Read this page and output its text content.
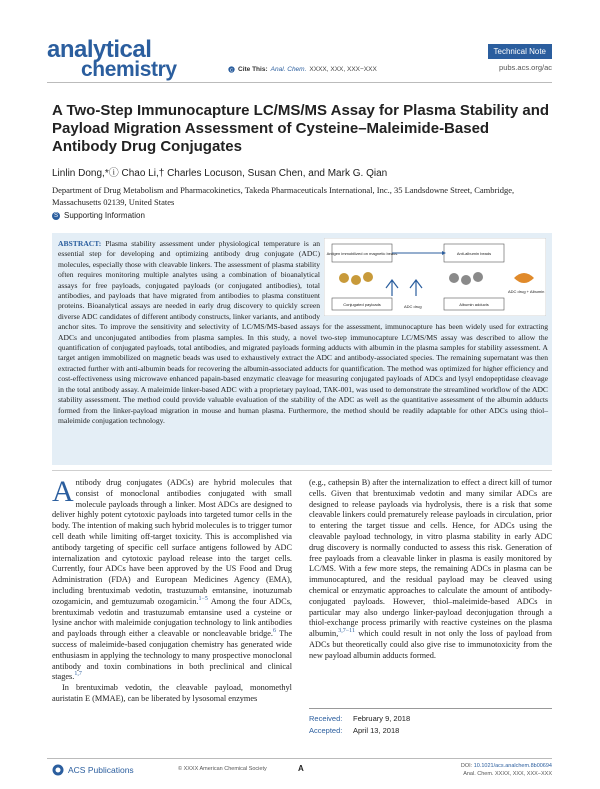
analytical
chemistry
Technical Note
pubs.acs.org/ac
C Cite This: Anal. Chem. XXXX, XXX, XXX−XXX
A Two-Step Immunocapture LC/MS/MS Assay for Plasma Stability and Payload Migration Assessment of Cysteine–Maleimide-Based Antibody Drug Conjugates
Linlin Dong,*ⓘ Chao Li,† Charles Locuson, Susan Chen, and Mark G. Qian
Department of Drug Metabolism and Pharmacokinetics, Takeda Pharmaceuticals International, Inc., 35 Landsdowne Street, Cambridge, Massachusetts 02139, United States
S Supporting Information
ABSTRACT: Plasma stability assessment under physiological temperature is an essential step for developing and optimizing antibody drug conjugate (ADC) molecules, especially those with cleavable linkers. The assessment of plasma stability often requires monitoring multiple analytes using a combination of bioanalytical assays for free payloads, conjugated payloads (or conjugated antibodies), total antibodies, and payloads that have migrated from antibodies to plasma constituent proteins. Bioanalytical assays are needed in early drug discovery to quickly screen diverse ADC candidates of different antibody constructs, linker variants, and antibody anchor sites. To improve the sensitivity and selectivity of LC/MS/MS-based assays for the assessment, immunocapture has been widely used for extracting ADCs and unconjugated antibodies from plasma samples. In this study, a novel two-step immunocapture LC/MS/MS assay was described to allow the quantification of conjugated payloads, total antibodies, and migrated payloads forming adducts with albumin in the plasma samples for stability assessment. A target antigen immobilized on magnetic beads was used to exhaustively extract the ADC and antibody-associated species. The remaining supernatant was then extracted further with anti-albumin beads for recovering the albumin-associated adducts for quantification. The method was optimized for higher efficiency and cost-effectiveness using microwave enhanced papain-based enzymatic cleavage for measuring conjugated payloads of ADCs and lysyl endopeptidase cleavage in the total antibody assay. A maleimide linker-based ADC with a proprietary payload, TAK-001, was used to demonstrate the streamlined workflow of the ADC stability assessment. The method could provide valuable evaluation of the stability of the ADC as well as the quantitative assessment of the albumin adducts formed from the linker-payload migration in mouse and human plasma. Furthermore, the method should be readily adaptable for other ADCs using thiol–maleimide conjugation technology.
Antigen immobilized on magnetic beads	Anti-albumin beads
Conjugated payloads	Albumin adducts
ADC drug
ADC drug + Albumin

Antibody drug conjugates (ADCs) are hybrid molecules that consist of monoclonal antibodies conjugated with small molecule payloads through a linker. Most ADCs are designed to deliver highly potent cytotoxic payloads into targeted tumor cells in the body. The intention of making such hybrid molecules is to trigger tumor cell death while limiting off-target toxicity. This is accomplished via antibody targeting of specific cell surface antigens followed by ADC internalization and cytotoxic payload release into the target cells. Currently, four ADCs have been approved by the US Food and Drug Administration (FDA) and European Medicines Agency (EMA), including brentuximab vedotin, trastuzumab emtansine, inotuzumab ozogamicin, and gemtuzumab ozogamicin.$^{1-5}$ Among the four ADCs, brentuximab vedotin and trastuzumab emtansine used a cysteine or lysine anchor with maleimide conjugation technology to link antibodies and payloads through either a cleavable or noncleavable bridge.$^6$ The success of maleimide-based conjugation chemistry has generated wide enthusiasm in applying the technology to many prospective monoclonal antibody and toxin combinations in both preclinical and clinical stages.$^{1,7}$

In brentuximab vedotin, the cleavable payload, monomethyl auristatin E (MMAE), can be liberated by lysosomal enzymes

(e.g., cathepsin B) after the internalization to effect a direct kill of tumor cells. Given that brentuximab vedotin and many similar ADCs are designed to release payloads via hydrolysis, there is a risk that some cleavable linkers could prematurely release payloads in circulation, prior to entering the target tissue and cells. Hence, for ADCs using the cleavable payload technology, in vitro plasma stability in early ADC drug discovery is normally conducted to assess this risk. Generation of free payloads from a cleavable linker in plasma is easily monitored by LC/MS. With a few more steps, the remaining ADCs in plasma can be immunocaptured, and the residual payload may be cleaved using chemical or enzymatic approaches to calculate the amount of antibody-conjugated payloads. However, thiol–maleimide-based ADCs in particular may also undergo linker-payload deconjugation through a thiol-exchange process primarily with reactive cysteines on the plasma albumin,$^{3,7-11}$ which could result in not only the loss of payload from ADCs but theoretically could also give rise to immunotoxicity from the new payload albumin adducts formed.

Received: February 9, 2018
Accepted: April 13, 2018
ACS Publications	© XXXX American Chemical Society	A	DOI: 10.1021/acs.analchem.8b00694
Anal. Chem. XXXX, XXX, XXX−XXX
